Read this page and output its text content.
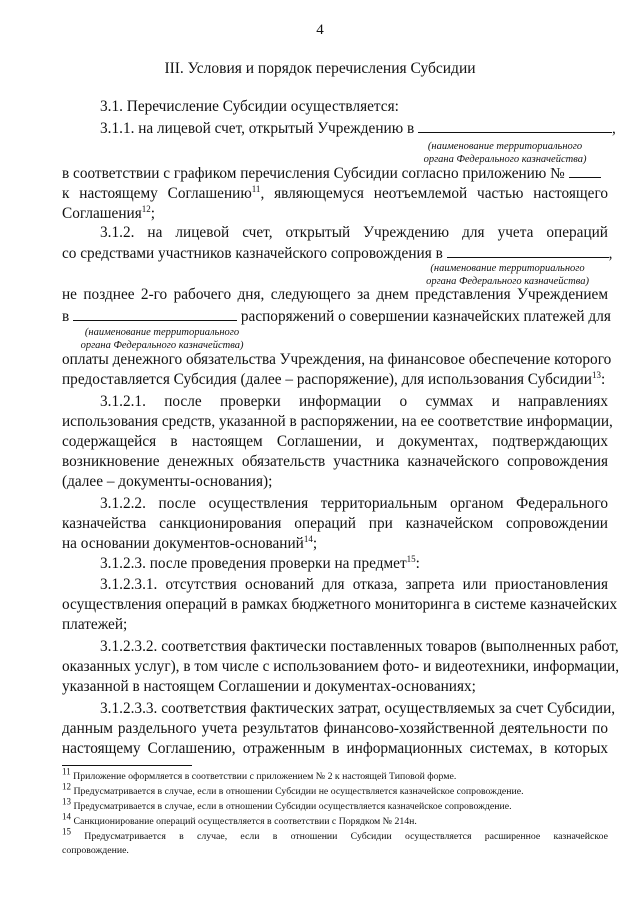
4
III. Условия и порядок перечисления Субсидии
3.1. Перечисление Субсидии осуществляется:
3.1.1. на лицевой счет, открытый Учреждению в	,
(наименование территориального
органа Федерального казначейства)
в соответствии с графиком перечисления Субсидии согласно приложению №
к настоящему Соглашению$^{11}$, являющемуся неотъемлемой частью настоящего
Соглашения$^{12}$;
3.1.2. на лицевой счет, открытый Учреждению для учета операций
со средствами участников казначейского сопровождения в	,
(наименование территориального
органа Федерального казначейства)
не позднее 2-го рабочего дня, следующего за днем представления Учреждением
в	распоряжений о совершении казначейских платежей для
(наименование территориального
органа Федерального казначейства)
оплаты денежного обязательства Учреждения, на финансовое обеспечение которого
предоставляется Субсидия (далее – распоряжение), для использования Субсидии$^{13}$:
3.1.2.1. после проверки информации о суммах и направлениях
использования средств, указанной в распоряжении, на ее соответствие информации,
содержащейся в настоящем Соглашении, и документах, подтверждающих
возникновение денежных обязательств участника казначейского сопровождения
(далее – документы-основания);
3.1.2.2. после осуществления территориальным органом Федерального
казначейства санкционирования операций при казначейском сопровождении
на основании документов-оснований$^{14}$;
3.1.2.3. после проведения проверки на предмет$^{15}$:
3.1.2.3.1. отсутствия оснований для отказа, запрета или приостановления
осуществления операций в рамках бюджетного мониторинга в системе казначейских
платежей;
3.1.2.3.2. соответствия фактически поставленных товаров (выполненных работ,
оказанных услуг), в том числе с использованием фото- и видеотехники, информации,
указанной в настоящем Соглашении и документах-основаниях;
3.1.2.3.3. соответствия фактических затрат, осуществляемых за счет Субсидии,
данным раздельного учета результатов финансово-хозяйственной деятельности по
настоящему Соглашению, отраженным в информационных системах, в которых
$^{11}$ Приложение оформляется в соответствии с приложением № 2 к настоящей Типовой форме.
$^{12}$ Предусматривается в случае, если в отношении Субсидии не осуществляется казначейское сопровождение.
$^{13}$ Предусматривается в случае, если в отношении Субсидии осуществляется казначейское сопровождение.
$^{14}$ Санкционирование операций осуществляется в соответствии с Порядком № 214н.
$^{15}$ Предусматривается в случае, если в отношении Субсидии осуществляется расширенное казначейское
сопровождение.
